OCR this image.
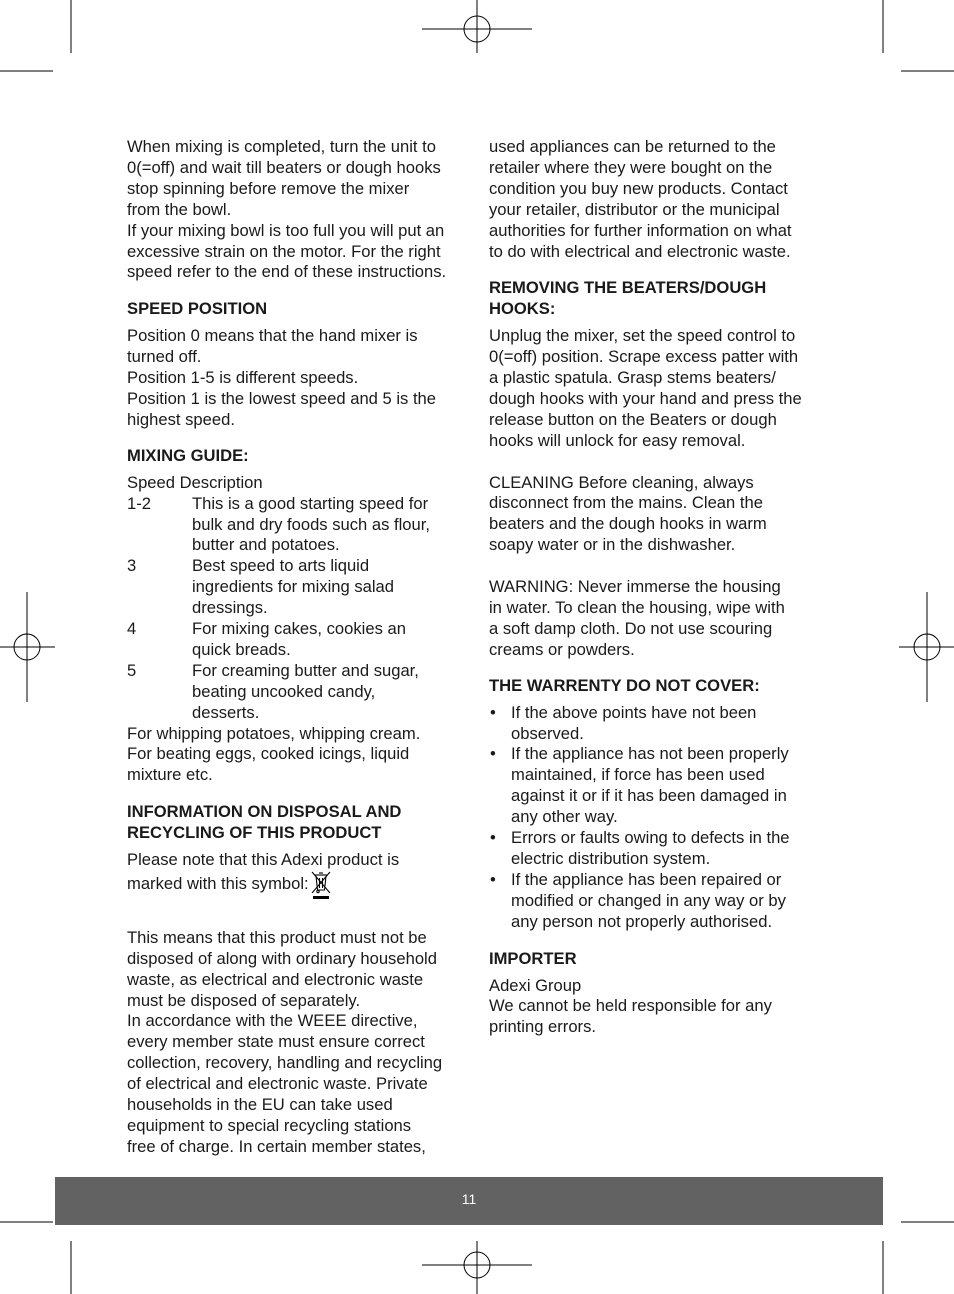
When mixing is completed, turn the unit to
0(=off) and wait till beaters or dough hooks
stop spinning before remove the mixer
from the bowl.
If your mixing bowl is too full you will put an
excessive strain on the motor. For the right
speed refer to the end of these instructions.

SPEED POSITION

Position 0 means that the hand mixer is
turned off.
Position 1-5 is different speeds.
Position 1 is the lowest speed and 5 is the
highest speed.

MIXING GUIDE:

Speed Description

1-2	This is a good starting speed for
bulk and dry foods such as flour,
butter and potatoes.

3	Best speed to arts liquid
ingredients for mixing salad
dressings.

4	For mixing cakes, cookies an
quick breads.

5	For creaming butter and sugar,
beating uncooked candy,
desserts.

For whipping potatoes, whipping cream.
For beating eggs, cooked icings, liquid
mixture etc.

INFORMATION ON DISPOSAL AND
RECYCLING OF THIS PRODUCT

Please note that this Adexi product is

marked with this symbol:

This means that this product must not be
disposed of along with ordinary household
waste, as electrical and electronic waste
must be disposed of separately.
In accordance with the WEEE directive,
every member state must ensure correct
collection, recovery, handling and recycling
of electrical and electronic waste. Private
households in the EU can take used
equipment to special recycling stations
free of charge. In certain member states,

used appliances can be returned to the
retailer where they were bought on the
condition you buy new products. Contact
your retailer, distributor or the municipal
authorities for further information on what
to do with electrical and electronic waste.

REMOVING THE BEATERS/DOUGH
HOOKS:

Unplug the mixer, set the speed control to
0(=off) position. Scrape excess patter with
a plastic spatula. Grasp stems beaters/
dough hooks with your hand and press the
release button on the Beaters or dough
hooks will unlock for easy removal.

CLEANING Before cleaning, always
disconnect from the mains. Clean the
beaters and the dough hooks in warm
soapy water or in the dishwasher.

WARNING: Never immerse the housing
in water. To clean the housing, wipe with
a soft damp cloth. Do not use scouring
creams or powders.

THE WARRENTY DO NOT COVER:

• If the above points have not been
observed.

• If the appliance has not been properly
maintained, if force has been used
against it or if it has been damaged in
any other way.

• Errors or faults owing to defects in the
electric distribution system.

• If the appliance has been repaired or
modified or changed in any way or by
any person not properly authorised.

IMPORTER

Adexi Group
We cannot be held responsible for any
printing errors.

11
